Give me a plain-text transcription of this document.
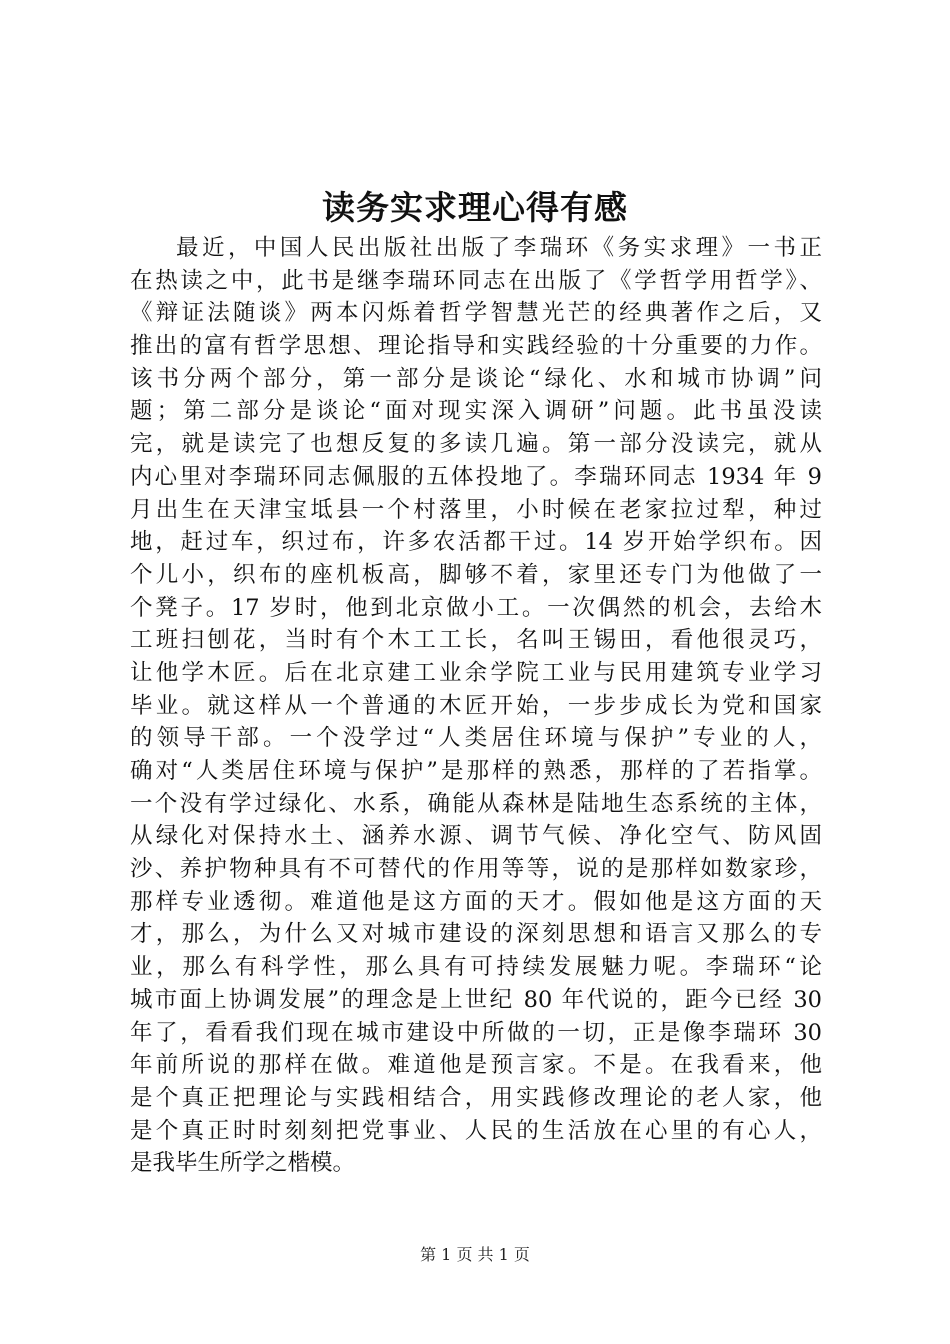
读务实求理心得有感
最近，中国人民出版社出版了李瑞环《务实求理》一书正
在热读之中，此书是继李瑞环同志在出版了《学哲学用哲学》、
《辩证法随谈》两本闪烁着哲学智慧光芒的经典著作之后，又
推出的富有哲学思想、理论指导和实践经验的十分重要的力作。
该书分两个部分，第一部分是谈论“绿化、水和城市协调”问
题；第二部分是谈论“面对现实深入调研”问题。此书虽没读
完，就是读完了也想反复的多读几遍。第一部分没读完，就从
内心里对李瑞环同志佩服的五体投地了。李瑞环同志 1934 年 9
月出生在天津宝坻县一个村落里，小时候在老家拉过犁，种过
地，赶过车，织过布，许多农活都干过。14 岁开始学织布。因
个儿小，织布的座机板高，脚够不着，家里还专门为他做了一
个凳子。17 岁时，他到北京做小工。一次偶然的机会，去给木
工班扫刨花，当时有个木工工长，名叫王锡田，看他很灵巧，
让他学木匠。后在北京建工业余学院工业与民用建筑专业学习
毕业。就这样从一个普通的木匠开始，一步步成长为党和国家
的领导干部。一个没学过“人类居住环境与保护”专业的人，
确对“人类居住环境与保护”是那样的熟悉，那样的了若指掌。
一个没有学过绿化、水系，确能从森林是陆地生态系统的主体，
从绿化对保持水土、涵养水源、调节气候、净化空气、防风固
沙、养护物种具有不可替代的作用等等，说的是那样如数家珍，
那样专业透彻。难道他是这方面的天才。假如他是这方面的天
才，那么，为什么又对城市建设的深刻思想和语言又那么的专
业，那么有科学性，那么具有可持续发展魅力呢。李瑞环“论
城市面上协调发展”的理念是上世纪 80 年代说的，距今已经 30
年了，看看我们现在城市建设中所做的一切，正是像李瑞环 30
年前所说的那样在做。难道他是预言家。不是。在我看来，他
是个真正把理论与实践相结合，用实践修改理论的老人家，他
是个真正时时刻刻把党事业、人民的生活放在心里的有心人，
是我毕生所学之楷模。
第 1 页 共 1 页
